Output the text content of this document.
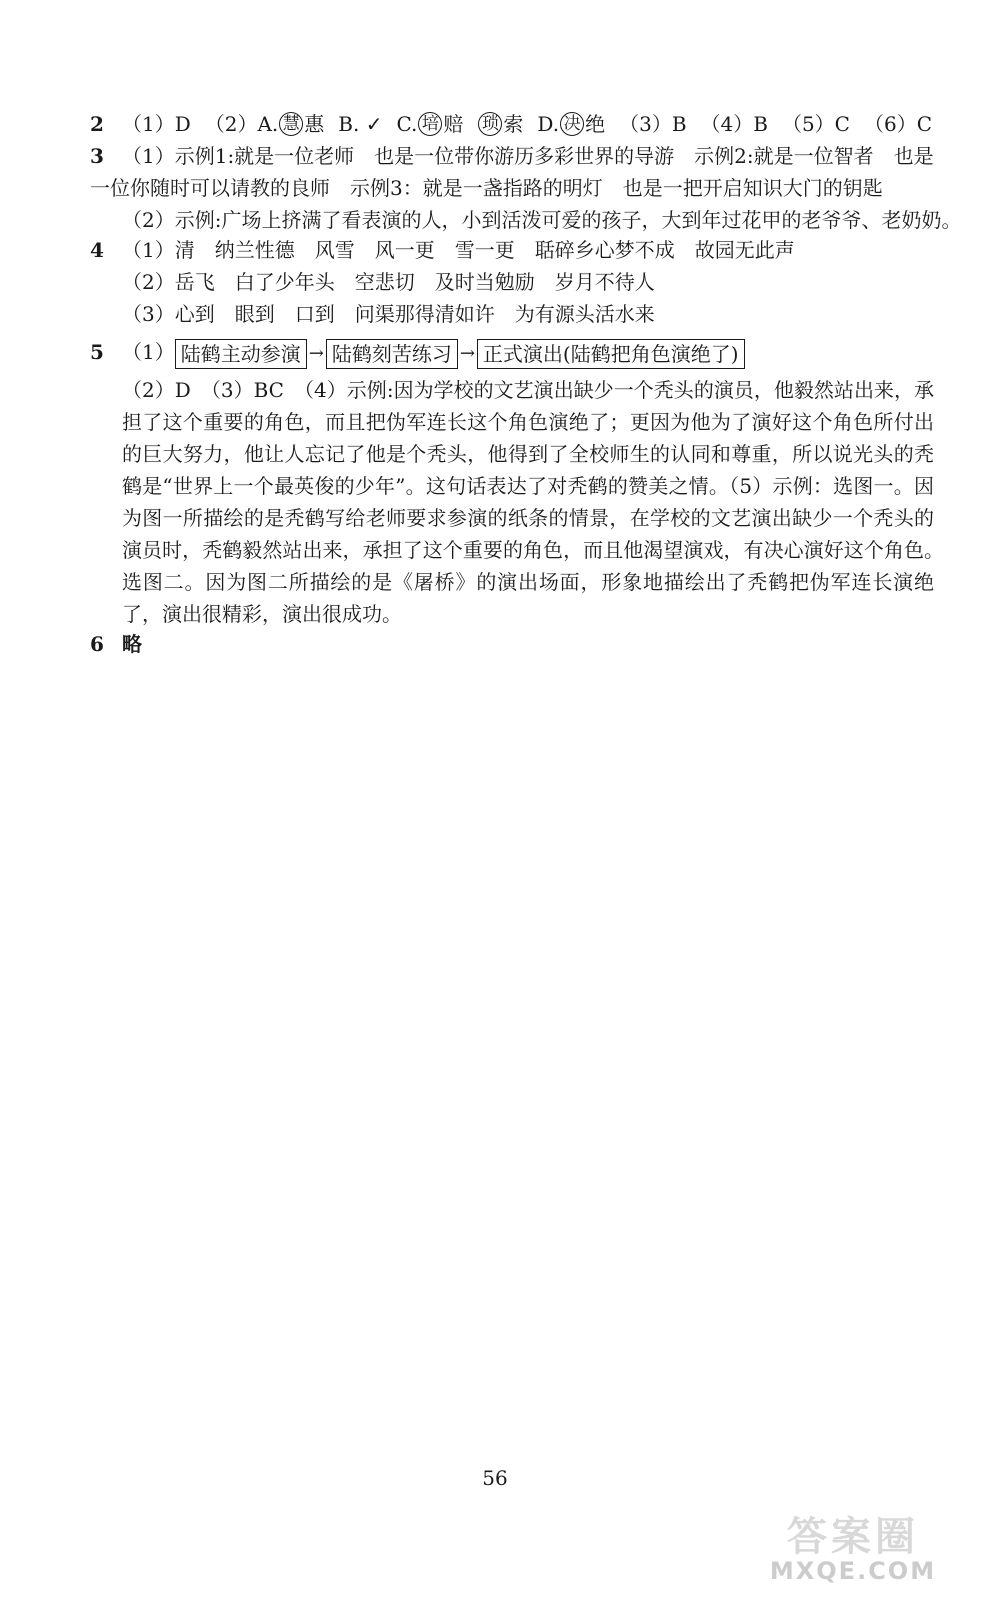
2 （1）D （2）A. 慧 惠 B. ✓ C. 培 赔 琐 索 D. 决 绝 （3）B （4）B （5）C （6）C
3 （1）示例1:就是一位老师　也是一位带你游历多彩世界的导游　示例2:就是一位智者　也是
一位你随时可以请教的良师　示例3：就是一盏指路的明灯　也是一把开启知识大门的钥匙
（2）示例:广场上挤满了看表演的人，小到活泼可爱的孩子，大到年过花甲的老爷爷、老奶奶。
4 （1）清　纳兰性德　风雪　风一更　雪一更　聒碎乡心梦不成　故园无此声
（2）岳飞　白了少年头　空悲切　及时当勉励　岁月不待人
（3）心到　眼到　口到　问渠那得清如许　为有源头活水来
5 （1） 陆鹤主动参演 → 陆鹤刻苦练习 → 正式演出(陆鹤把角色演绝了)
（2）D　（3）BC　（4）示例:因为学校的文艺演出缺少一个秃头的演员，他毅然站出来，承担了这个重要的角色，而且把伪军连长这个角色演绝了；更因为他为了演好这个角色所付出的巨大努力，他让人忘记了他是个秃头，他得到了全校师生的认同和尊重，所以说光头的秃鹤是“世界上一个最英俊的少年”。这句话表达了对秃鹤的赞美之情。（5）示例：选图一。因为图一所描绘的是秃鹤写给老师要求参演的纸条的情景，在学校的文艺演出缺少一个秃头的演员时，秃鹤毅然站出来，承担了这个重要的角色，而且他渴望演戏，有决心演好这个角色。　选图二。因为图二所描绘的是《屠桥》的演出场面，形象地描绘出了秃鹤把伪军连长演绝了，演出很精彩，演出很成功。
6 略
56
答案圈
MXQE.COM
